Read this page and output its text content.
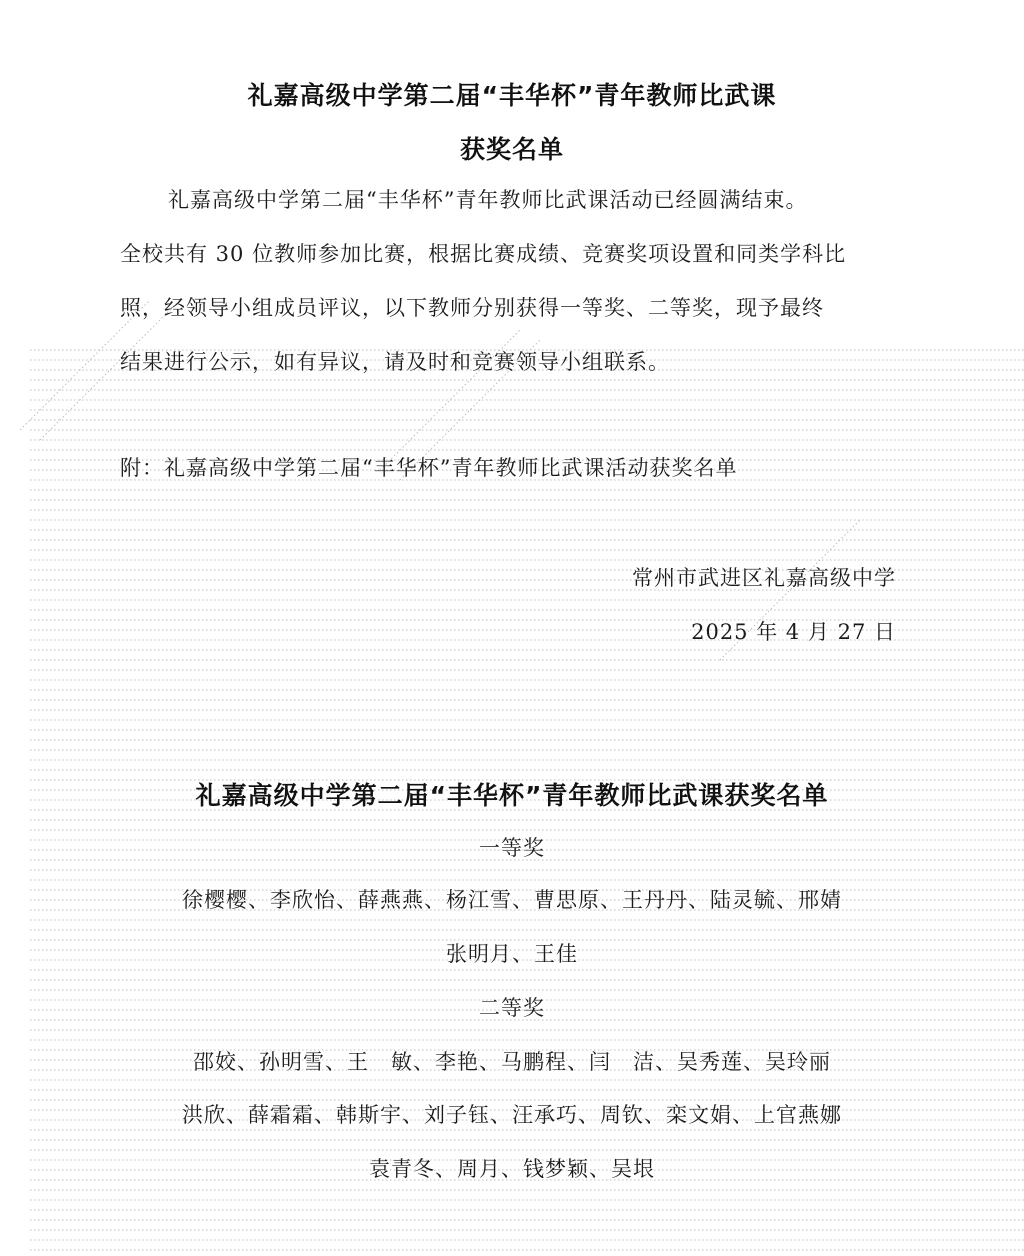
礼嘉高级中学第二届“丰华杯”青年教师比武课
获奖名单
礼嘉高级中学第二届“丰华杯”青年教师比武课活动已经圆满结束。
全校共有 30 位教师参加比赛，根据比赛成绩、竞赛奖项设置和同类学科比
照，经领导小组成员评议，以下教师分别获得一等奖、二等奖，现予最终
结果进行公示，如有异议，请及时和竞赛领导小组联系。
附：礼嘉高级中学第二届“丰华杯”青年教师比武课活动获奖名单
常州市武进区礼嘉高级中学
2025 年 4 月 27 日
礼嘉高级中学第二届“丰华杯”青年教师比武课获奖名单
一等奖
徐樱樱、李欣怡、薛燕燕、杨江雪、曹思原、王丹丹、陆灵毓、邢婧
张明月、王佳
二等奖
邵姣、孙明雪、王　敏、李艳、马鹏程、闫　洁、吴秀莲、吴玲丽
洪欣、薛霜霜、韩斯宇、刘子钰、汪承巧、周钦、栾文娟、上官燕娜
袁青冬、周月、钱梦颖、吴垠
